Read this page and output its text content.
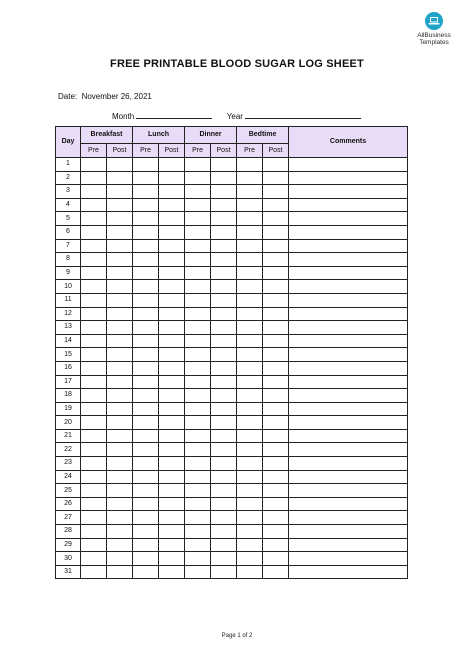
AllBusiness
Templates
FREE PRINTABLE BLOOD SUGAR LOG SHEET
Date: November 26, 2021
Month	Year
Day	Breakfast		Lunch		Dinner		Bedtime		Comments
	Pre	Post	Pre	Post	Pre	Post	Pre	Post	
1									
2									
3									
4									
5									
6									
7									
8									
9									
10									
11									
12									
13									
14									
15									
16									
17									
18									
19									
20									
21									
22									
23									
24									
25									
26									
27									
28									
29									
30									
31									
Page 1 of 2
